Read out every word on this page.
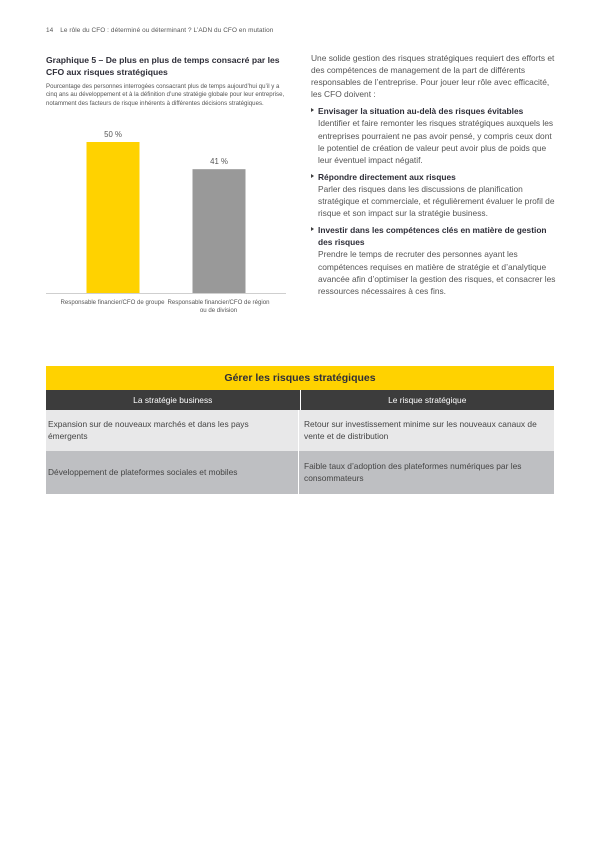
14 Le rôle du CFO : déterminé ou déterminant ? L’ADN du CFO en mutation
Graphique 5 – De plus en plus de temps consacré par les CFO aux risques stratégiques
Pourcentage des personnes interrogées consacrant plus de temps aujourd’hui qu’il y a cinq ans au développement et à la définition d’une stratégie globale pour leur entreprise, notamment des facteurs de risque inhérents à différentes décisions stratégiques.
50 %
41 %
Responsable financier/CFO de groupe Responsable financier/CFO de région ou de division

Une solide gestion des risques stratégiques requiert des efforts et des compétences de management de la part de différents responsables de l’entreprise. Pour jouer leur rôle avec efficacité, les CFO doivent :

Envisager la situation au-delà des risques évitables
Identifier et faire remonter les risques stratégiques auxquels les entreprises pourraient ne pas avoir pensé, y compris ceux dont le potentiel de création de valeur peut avoir plus de poids que leur éventuel impact négatif.
Répondre directement aux risques
Parler des risques dans les discussions de planification stratégique et commerciale, et régulièrement évaluer le profil de risque et son impact sur la stratégie business.
Investir dans les compétences clés en matière de gestion des risques
Prendre le temps de recruter des personnes ayant les compétences requises en matière de stratégie et d’analytique avancée afin d’optimiser la gestion des risques, et consacrer les ressources nécessaires à ces fins.
Gérer les risques stratégiques
La stratégie business	Le risque stratégique
Expansion sur de nouveaux marchés et dans les pays émergents
Retour sur investissement minime sur les nouveaux canaux de vente et de distribution
Développement de plateformes sociales et mobiles
Faible taux d’adoption des plateformes numériques par les consommateurs
